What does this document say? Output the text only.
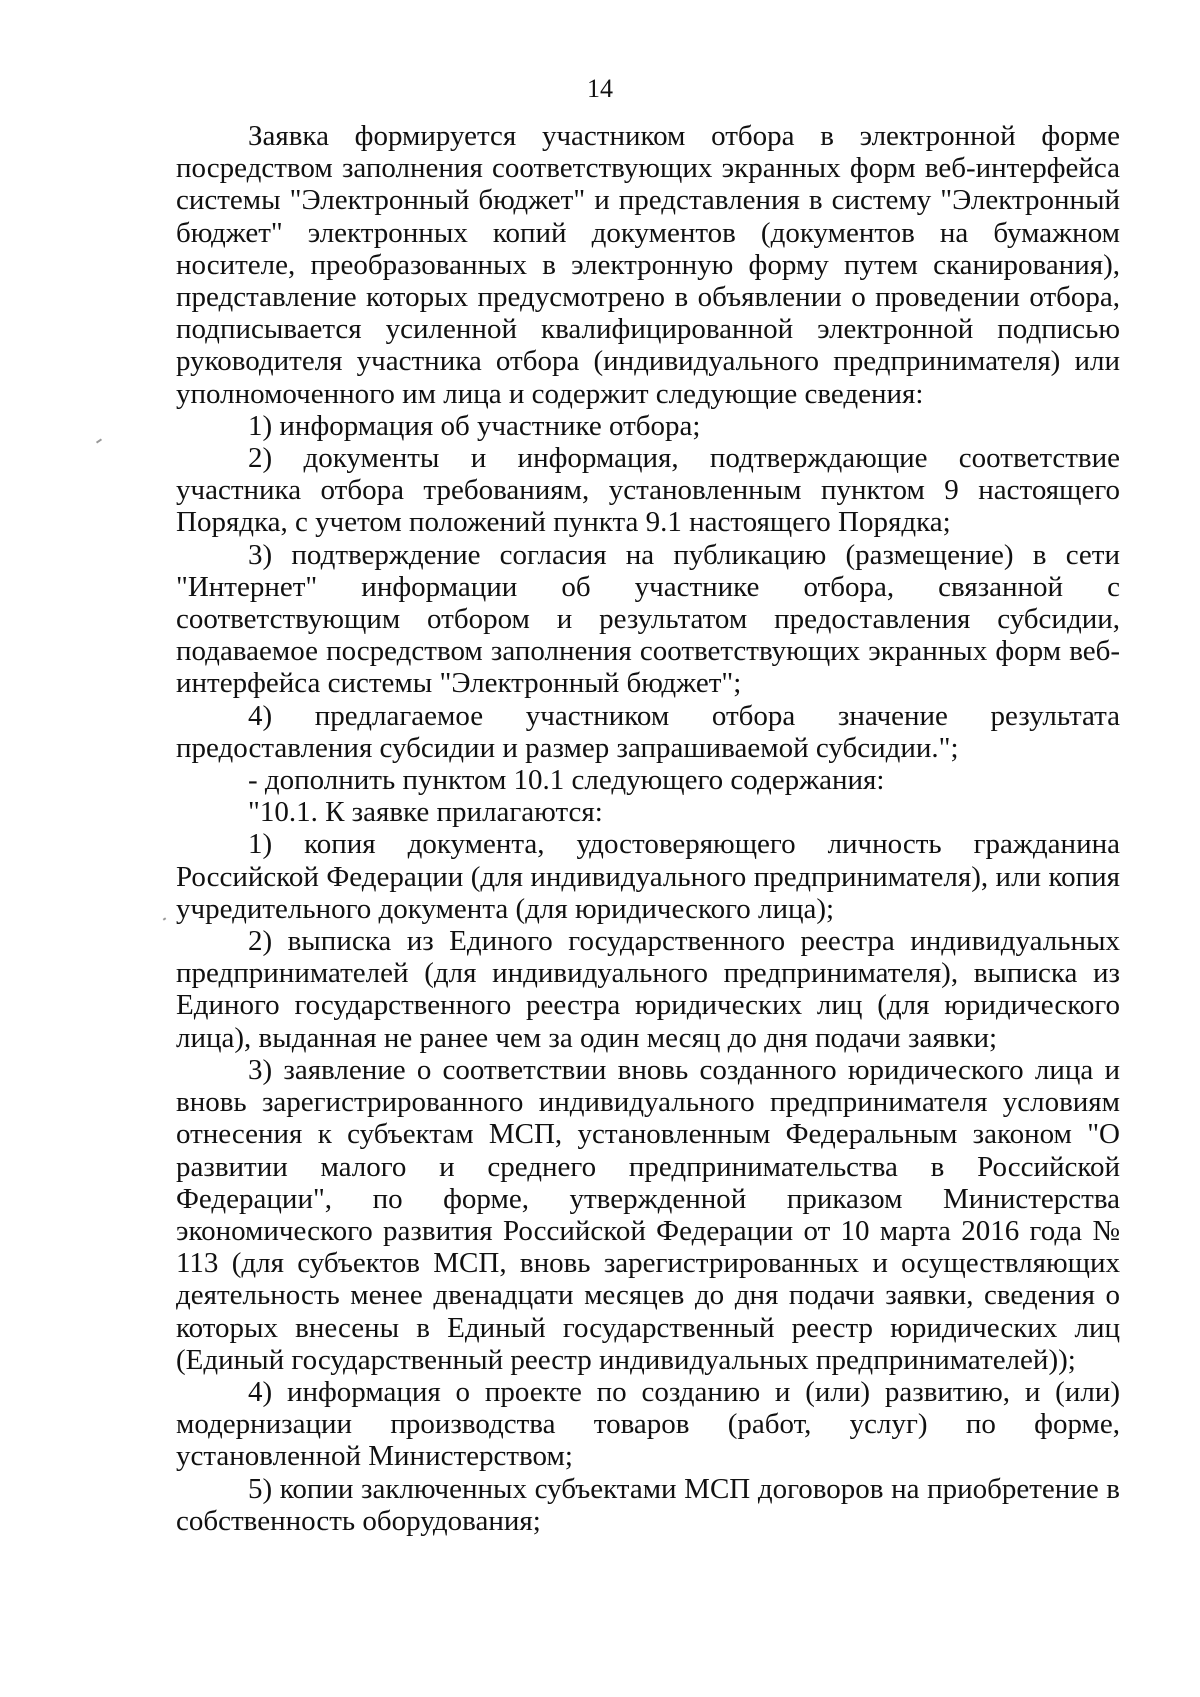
14

Заявка формируется участником отбора в электронной форме посредством заполнения соответствующих экранных форм веб-интерфейса системы "Электронный бюджет" и представления в систему "Электронный бюджет" электронных копий документов (документов на бумажном носителе, преобразованных в электронную форму путем сканирования), представление которых предусмотрено в объявлении о проведении отбора, подписывается усиленной квалифицированной электронной подписью руководителя участника отбора (индивидуального предпринимателя) или уполномоченного им лица и содержит следующие сведения:

1) информация об участнике отбора;

2) документы и информация, подтверждающие соответствие участника отбора требованиям, установленным пунктом 9 настоящего Порядка, с учетом положений пункта 9.1 настоящего Порядка;

3) подтверждение согласия на публикацию (размещение) в сети "Интернет" информации об участнике отбора, связанной с соответствующим отбором и результатом предоставления субсидии, подаваемое посредством заполнения соответствующих экранных форм веб-интерфейса системы "Электронный бюджет";

4) предлагаемое участником отбора значение результата предоставления субсидии и размер запрашиваемой субсидии.";

- дополнить пунктом 10.1 следующего содержания:

"10.1. К заявке прилагаются:

1) копия документа, удостоверяющего личность гражданина Российской Федерации (для индивидуального предпринимателя), или копия учредительного документа (для юридического лица);

2) выписка из Единого государственного реестра индивидуальных предпринимателей (для индивидуального предпринимателя), выписка из Единого государственного реестра юридических лиц (для юридического лица), выданная не ранее чем за один месяц до дня подачи заявки;

3) заявление о соответствии вновь созданного юридического лица и вновь зарегистрированного индивидуального предпринимателя условиям отнесения к субъектам МСП, установленным Федеральным законом "О развитии малого и среднего предпринимательства в Российской Федерации", по форме, утвержденной приказом Министерства экономического развития Российской Федерации от 10 марта 2016 года № 113 (для субъектов МСП, вновь зарегистрированных и осуществляющих деятельность менее двенадцати месяцев до дня подачи заявки, сведения о которых внесены в Единый государственный реестр юридических лиц (Единый государственный реестр индивидуальных предпринимателей));

4) информация о проекте по созданию и (или) развитию, и (или) модернизации производства товаров (работ, услуг) по форме, установленной Министерством;

5) копии заключенных субъектами МСП договоров на приобретение в собственность оборудования;
